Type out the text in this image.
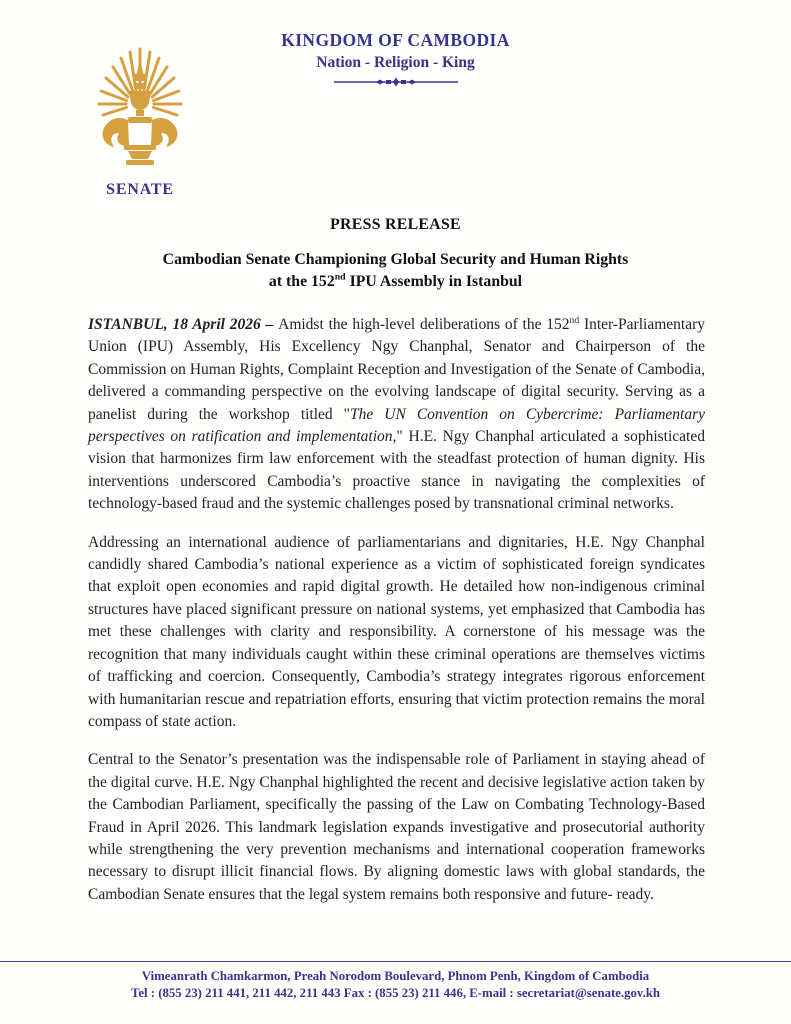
SENATE
KINGDOM OF CAMBODIA
Nation - Religion - King
PRESS RELEASE
Cambodian Senate Championing Global Security and Human Rights
at the 152nd IPU Assembly in Istanbul

ISTANBUL, 18 April 2026 – Amidst the high-level deliberations of the 152nd Inter-Parliamentary Union (IPU) Assembly, His Excellency Ngy Chanphal, Senator and Chairperson of the Commission on Human Rights, Complaint Reception and Investigation of the Senate of Cambodia, delivered a commanding perspective on the evolving landscape of digital security. Serving as a panelist during the workshop titled "The UN Convention on Cybercrime: Parliamentary perspectives on ratification and implementation," H.E. Ngy Chanphal articulated a sophisticated vision that harmonizes firm law enforcement with the steadfast protection of human dignity. His interventions underscored Cambodia’s proactive stance in navigating the complexities of technology-based fraud and the systemic challenges posed by transnational criminal networks.

Addressing an international audience of parliamentarians and dignitaries, H.E. Ngy Chanphal candidly shared Cambodia’s national experience as a victim of sophisticated foreign syndicates that exploit open economies and rapid digital growth. He detailed how non-indigenous criminal structures have placed significant pressure on national systems, yet emphasized that Cambodia has met these challenges with clarity and responsibility. A cornerstone of his message was the recognition that many individuals caught within these criminal operations are themselves victims of trafficking and coercion. Consequently, Cambodia’s strategy integrates rigorous enforcement with humanitarian rescue and repatriation efforts, ensuring that victim protection remains the moral compass of state action.

Central to the Senator’s presentation was the indispensable role of Parliament in staying ahead of the digital curve. H.E. Ngy Chanphal highlighted the recent and decisive legislative action taken by the Cambodian Parliament, specifically the passing of the Law on Combating Technology-Based Fraud in April 2026. This landmark legislation expands investigative and prosecutorial authority while strengthening the very prevention mechanisms and international cooperation frameworks necessary to disrupt illicit financial flows. By aligning domestic laws with global standards, the Cambodian Senate ensures that the legal system remains both responsive and future- ready.

Vimeanrath Chamkarmon, Preah Norodom Boulevard, Phnom Penh, Kingdom of Cambodia
Tel : (855 23) 211 441, 211 442, 211 443 Fax : (855 23) 211 446, E-mail : secretariat@senate.gov.kh
